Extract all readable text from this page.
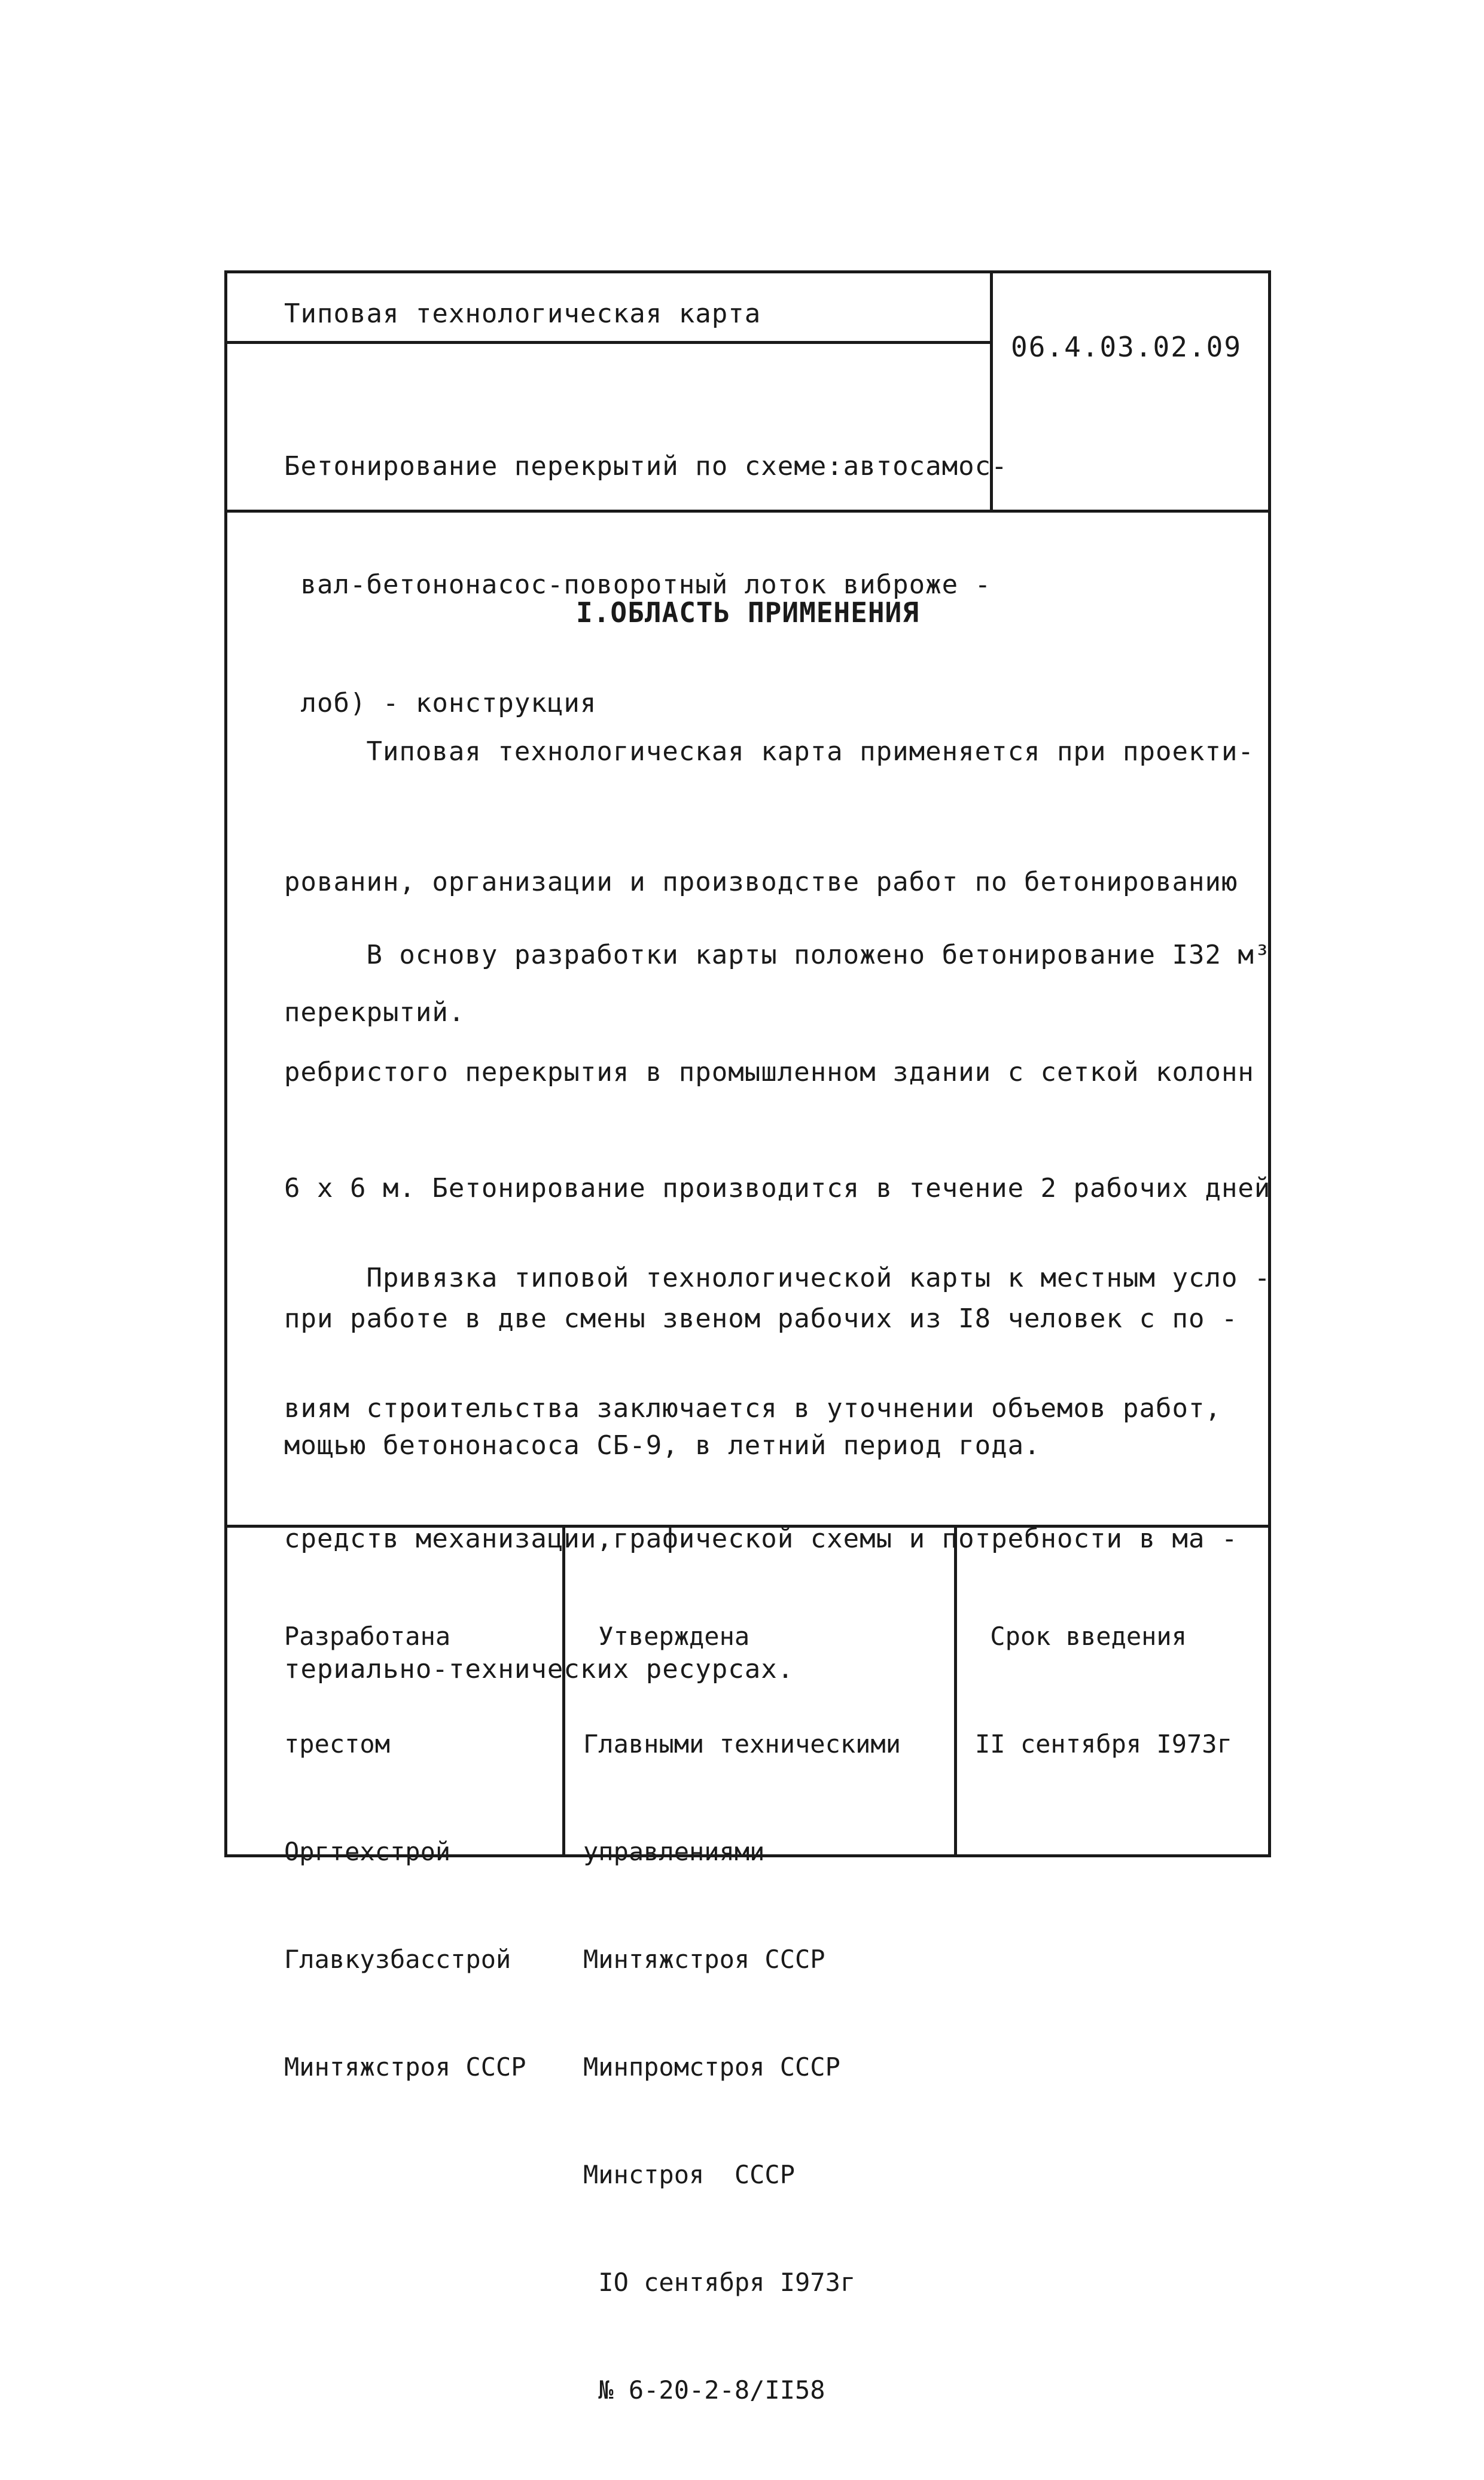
Типовая технологическая карта

Бетонирование перекрытий по схеме:автосамос-

вал-бетононасос-поворотный лоток виброже -

лоб) - конструкция

06.4.03.02.09
I.ОБЛАСТЬ ПРИМЕНЕНИЯ

Типовая технологическая карта применяется при проекти-

рованин, организации и производстве работ по бетонированию

перекрытий.

В основу разработки карты положено бетонирование I32 м³

ребристого перекрытия в промышленном здании с сеткой колонн

6 х 6 м. Бетонирование производится в течение 2 рабочих дней

при работе в две смены звеном рабочих из I8 человек с по -

мощью бетононасоса СБ-9, в летний период года.

Привязка типовой технологической карты к местным усло -

виям строительства заключается в уточнении объемов работ,

средств механизации,графической схемы и потребности в ма -

териально-технических ресурсах.

Разработана

трестом

Оргтехстрой

Главкузбасстрой

Минтяжстроя СССР

Утверждена

Главными техническими

управлениями

Минтяжстроя СССР

Минпромстроя СССР

Минстроя  СССР

IO сентября I973г

№ 6-20-2-8/II58

Срок введения

II сентября I973г
